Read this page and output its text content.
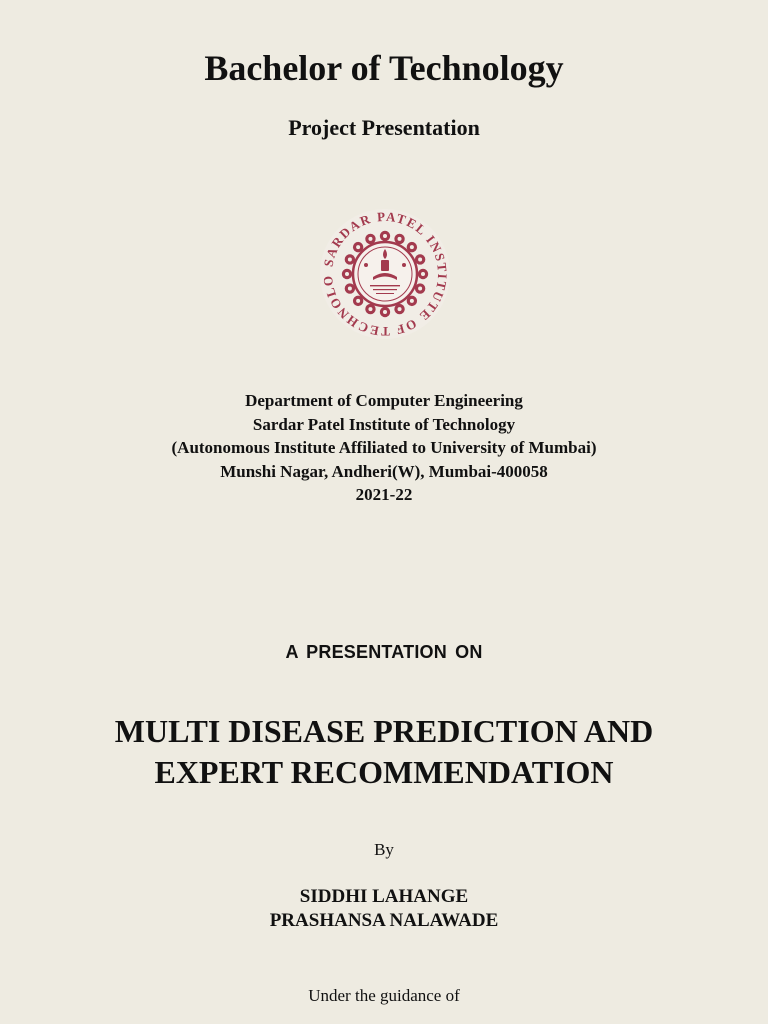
Bachelor of Technology
Project Presentation
SARDAR PATEL INSTITUTE OF TECHNOLO
Department of Computer Engineering
Sardar Patel Institute of Technology
(Autonomous Institute Affiliated to University of Mumbai)
Munshi Nagar, Andheri(W), Mumbai-400058
2021-22
A PRESENTATION ON
MULTI DISEASE PREDICTION AND
EXPERT RECOMMENDATION
By
SIDDHI LAHANGE
PRASHANSA NALAWADE
Under the guidance of
